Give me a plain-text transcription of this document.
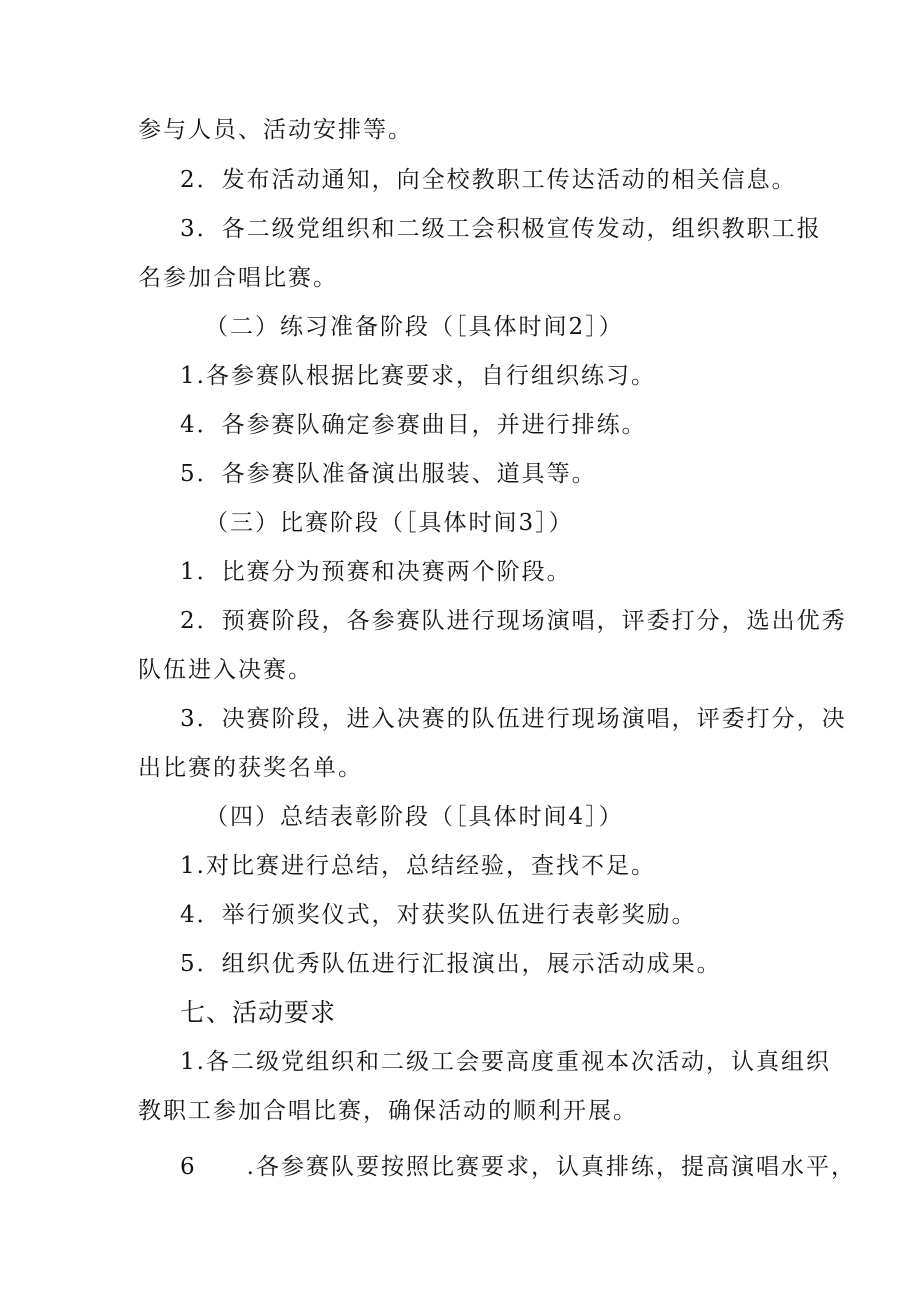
参与人员、活动安排等。
2．发布活动通知，向全校教职工传达活动的相关信息。
3．各二级党组织和二级工会积极宣传发动，组织教职工报
名参加合唱比赛。
（二）练习准备阶段（［具体时间2］）
1.各参赛队根据比赛要求，自行组织练习。
4．各参赛队确定参赛曲目，并进行排练。
5．各参赛队准备演出服装、道具等。
（三）比赛阶段（［具体时间3］）
1．比赛分为预赛和决赛两个阶段。
2．预赛阶段，各参赛队进行现场演唱，评委打分，选出优秀
队伍进入决赛。
3．决赛阶段，进入决赛的队伍进行现场演唱，评委打分，决
出比赛的获奖名单。
（四）总结表彰阶段（［具体时间4］）
1.对比赛进行总结，总结经验，查找不足。
4．举行颁奖仪式，对获奖队伍进行表彰奖励。
5．组织优秀队伍进行汇报演出，展示活动成果。
七、活动要求
1.各二级党组织和二级工会要高度重视本次活动，认真组织
教职工参加合唱比赛，确保活动的顺利开展。
6　　.各参赛队要按照比赛要求，认真排练，提高演唱水平，
